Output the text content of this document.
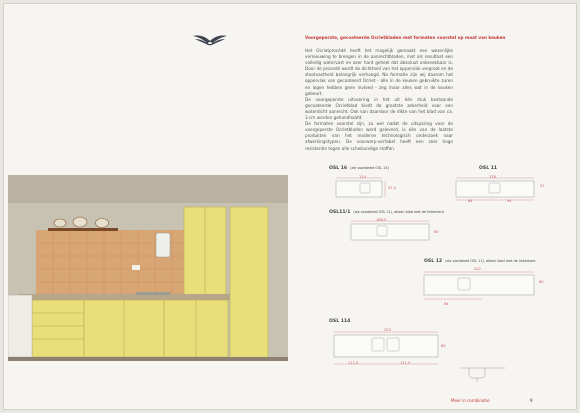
Voorgeperste, gecoateerde Ocrietbladen met formaten voorstel op maat van keuken
Het Ocrietprocédé heeft het mogelijk gemaakt een wezenlijke vernieuwing te brengen in de aanrechtbladen, met als resultaat een volledig watervast en zeer hard geheel dat absoluut onbreekbaar is. Door de procedé wordt de dichtheid van het oppervlak vergroot en de stootvastheid belangrijk verhoogd. Na formatie zijn wij daarom het oppervlak van gecoateerd Ocriet - alle in de keuken gebruikte zuren en logen hebben geen invloed - zeg maar alles wat in de keuken gebeurt.
De voorgeperste uitvoering in het uit één stuk bestaande gecoateerde Ocrietblad biedt de grootste zekerheid voor een waterdicht aanrecht. Ook kan daardoor de dikte van het blad van ca. 3 cm worden gehandhaafd.
De formaten voorstel zijn, zo wel nadat de uitsparing voor de voorgeperste Ocrietbladen werd geleverd, is één van de laatste produkten van het moderne technologisch onderzoek naar afwerkingstypen. De voorwerp-vertabel heeft een zeer hoge resistentie tegen alle scheikundige stoffen.
OSL 16 (zie voorbeeld OSL 15)
114
57,5
OSL 11
178
57
84	94
OSL11/1 (als voorbeeld OSL 11), alleen blad met de linkerkant
168,5
60
OSL 12 (als voorbeeld OSL 11), alleen blad met de linkerkant
202
60
64
OSL 114
253
60
111,5	111,5
Meer in combinatie	9
